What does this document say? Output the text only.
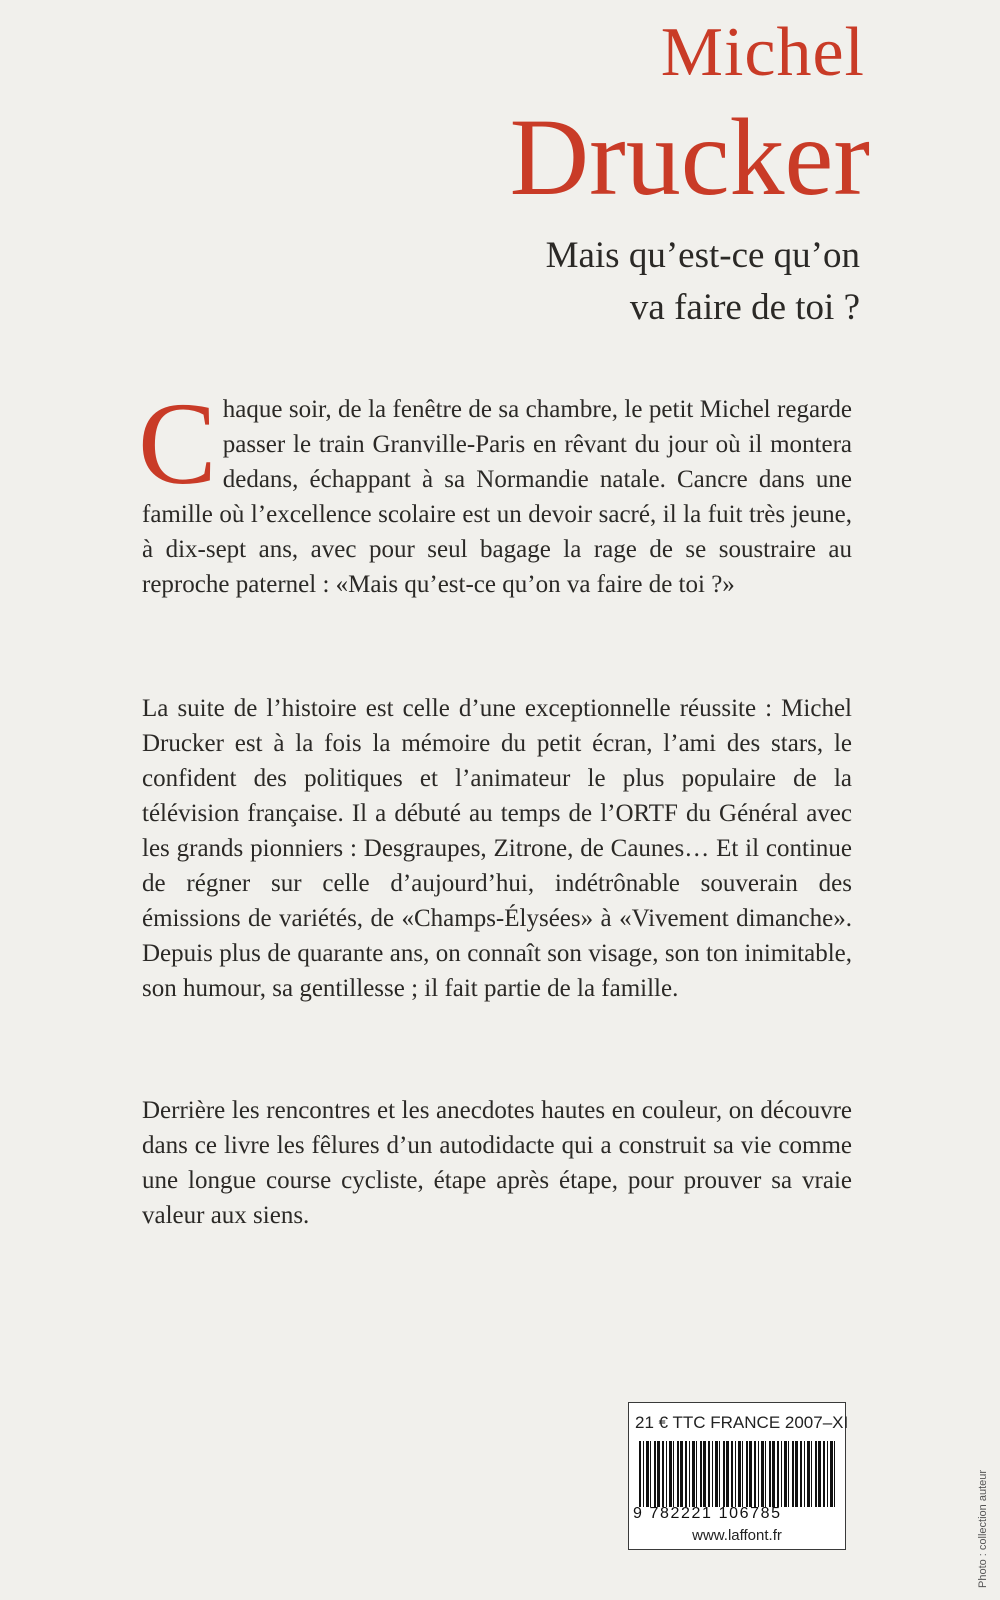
Michel
Drucker
Mais qu’est-ce qu’on
va faire de toi ?

Chaque soir, de la fenêtre de sa chambre, le petit Michel regarde passer le train Granville-Paris en rêvant du jour où il montera dedans, échappant à sa Normandie natale. Cancre dans une famille où l’excellence scolaire est un devoir sacré, il la fuit très jeune, à dix-sept ans, avec pour seul bagage la rage de se soustraire au reproche paternel : «Mais qu’est-ce qu’on va faire de toi ?»

La suite de l’histoire est celle d’une exceptionnelle réussite : Michel Drucker est à la fois la mémoire du petit écran, l’ami des stars, le confident des politiques et l’animateur le plus populaire de la télévision française. Il a débuté au temps de l’ORTF du Général avec les grands pionniers : Desgraupes, Zitrone, de Caunes… Et il continue de régner sur celle d’aujourd’hui, indétrônable souverain des émissions de variétés, de «Champs-Élysées» à «Vivement dimanche». Depuis plus de quarante ans, on connaît son visage, son ton inimitable, son humour, sa gentillesse ; il fait partie de la famille.

Derrière les rencontres et les anecdotes hautes en couleur, on découvre dans ce livre les fêlures d’un autodidacte qui a construit sa vie comme une longue course cycliste, étape après étape, pour prouver sa vraie valeur aux siens.

21 € TTC FRANCE 2007–XI
9 782221 106785
www.laffont.fr	Photo : collection auteur
